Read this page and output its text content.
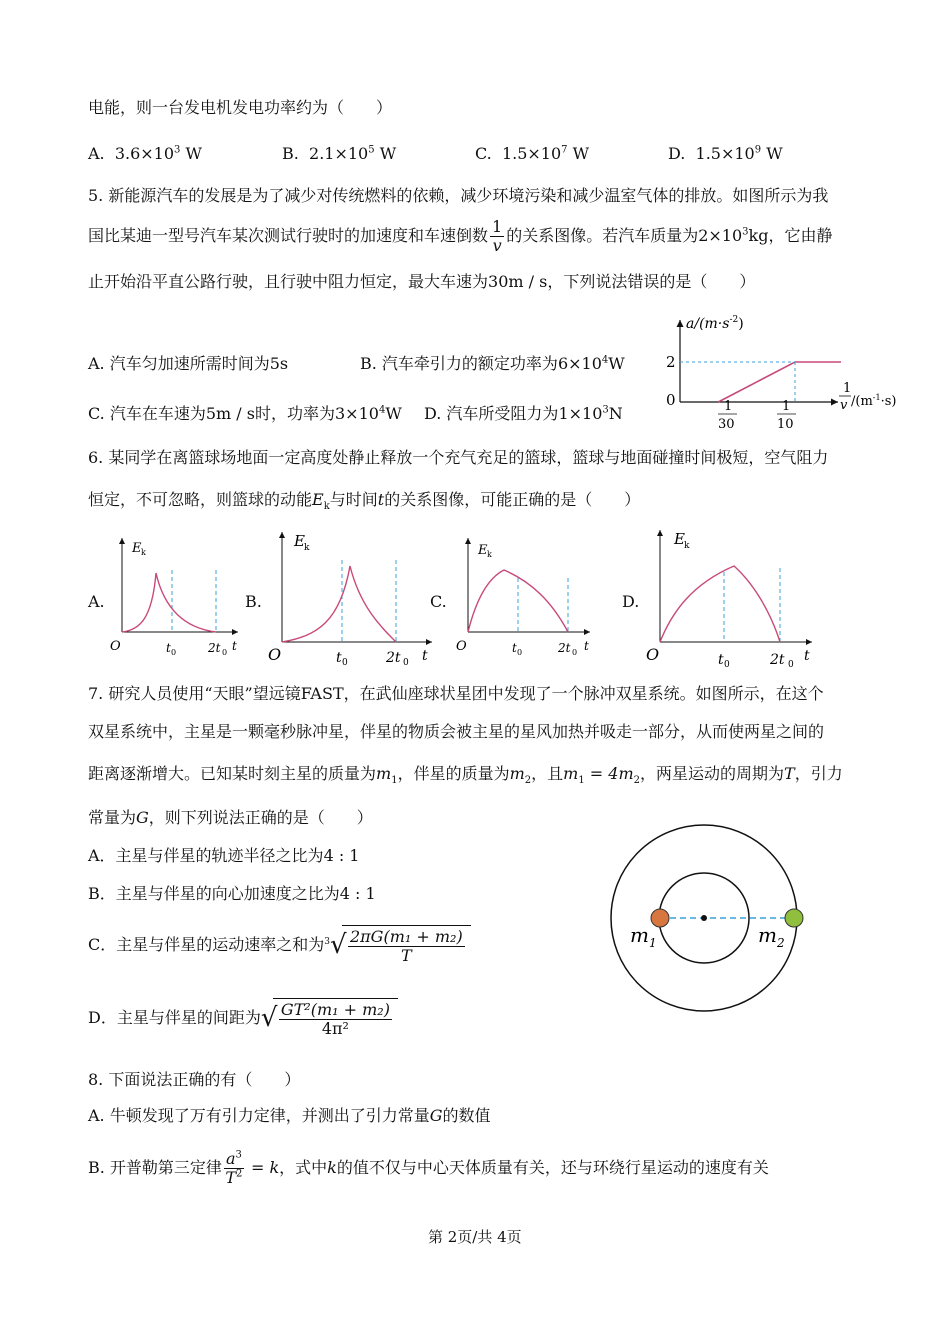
电能，则一台发电机发电功率约为（　　）
A. $3.6\times 10^3$ W	B. $2.1\times 10^5$ W	C. $1.5\times 10^7$ W	D. $1.5\times 10^9$ W
5. 新能源汽车的发展是为了减少对传统燃料的依赖，减少环境污染和减少温室气体的排放。如图所示为我
国比某迪一型号汽车某次测试行驶时的加速度和车速倒数 $\frac{1}{v}$ 的关系图像。若汽车质量为$2\times 10^3kg$，它由静
止开始沿平直公路行驶，且行驶中阻力恒定，最大车速为30m / s，下列说法错误的是（　　）
A. 汽车匀加速所需时间为5s	B. 汽车牵引力的额定功率为$6\times 10^4W$
C. 汽车在车速为5m / s时，功率为$3\times 10^4W$ D. 汽车所受阻力为$1\times 10^3N$
$a/(m\cdot s^{-2})$
2
0	1
30
1
10
1
v $/(m^{-1}\cdot s)$
6. 某同学在离篮球场地面一定高度处静止释放一个充气充足的篮球，篮球与地面碰撞时间极短，空气阻力
恒定，不可忽略，则篮球的动能$E_k$与时间t的关系图像，可能正确的是（　　）
A.	B.	C.	D.
E k
O	t 0	2t 0 t
E k
O	t 0	2t 0 t
E k
O	t 0	2t 0 t
E k
O	t 0	2t 0
t
7. 研究人员使用“天眼”望远镜FAST，在武仙座球状星团中发现了一个脉冲双星系统。如图所示，在这个
双星系统中，主星是一颗毫秒脉冲星，伴星的物质会被主星的星风加热并吸走一部分，从而使两星之间的
距离逐渐增大。已知某时刻主星的质量为$m_1$，伴星的质量为$m_2$，且$m_1 = 4m_2$，两星运动的周期为T，引力
常量为G，则下列说法正确的是（　　）
A．主星与伴星的轨迹半径之比为4 : 1
B．主星与伴星的向心加速度之比为4 : 1
C．主星与伴星的运动速率之和为$^3$ √ $\frac{\text{2πG(m₁ + m₂)}}{T}$
D．主星与伴星的间距为 √ $\frac{\text{GT²(m₁ + m₂)}}{\text{4π²}}$
$m_1$	$m_2$
8. 下面说法正确的有（　　）
A. 牛顿发现了万有引力定律，并测出了引力常量G的数值
B. 开普勒第三定律 $\frac{a^3}{T^2} = k$，式中k的值不仅与中心天体质量有关，还与环绕行星运动的速度有关
第 2页/共 4页
